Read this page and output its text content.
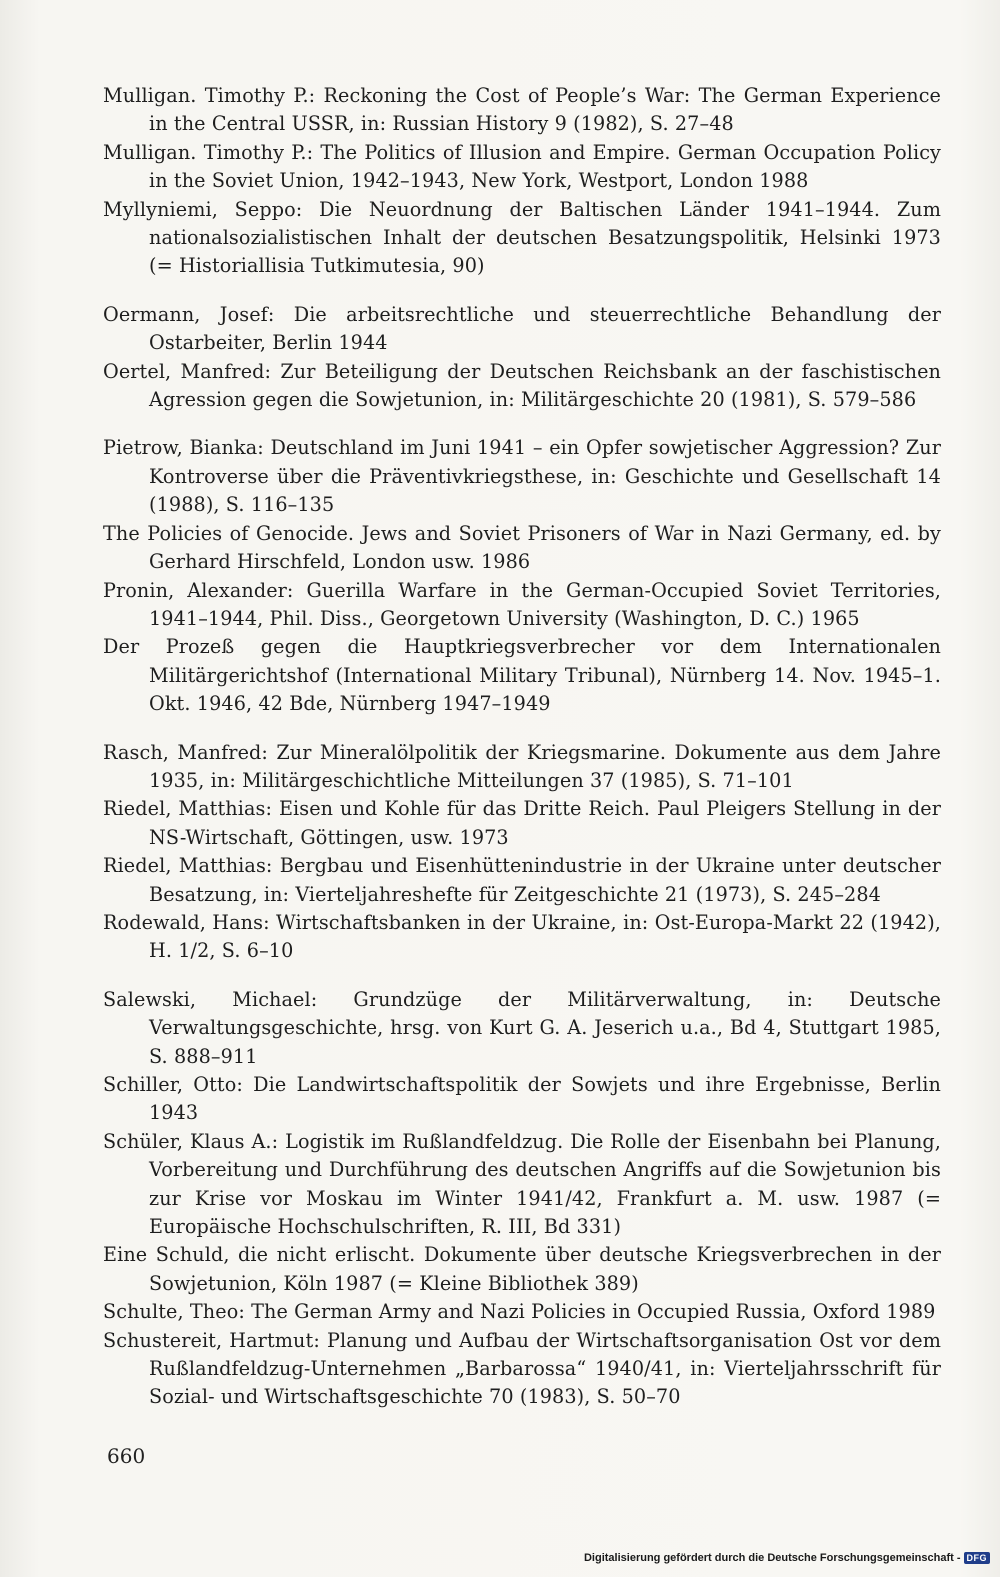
Mulligan. Timothy P.: Reckoning the Cost of People’s War: The German Experience in the Central USSR, in: Russian History 9 (1982), S. 27–48

Mulligan. Timothy P.: The Politics of Illusion and Empire. German Occupation Policy in the Soviet Union, 1942–1943, New York, Westport, London 1988

Myllyniemi, Seppo: Die Neuordnung der Baltischen Länder 1941–1944. Zum nationalsozialistischen Inhalt der deutschen Besatzungspolitik, Helsinki 1973 (= Historiallisia Tutkimutesia, 90)

Oermann, Josef: Die arbeitsrechtliche und steuerrechtliche Behandlung der Ostarbeiter, Berlin 1944

Oertel, Manfred: Zur Beteiligung der Deutschen Reichsbank an der faschistischen Agression gegen die Sowjetunion, in: Militärgeschichte 20 (1981), S. 579–586

Pietrow, Bianka: Deutschland im Juni 1941 – ein Opfer sowjetischer Aggression? Zur Kontroverse über die Präventivkriegsthese, in: Geschichte und Gesellschaft 14 (1988), S. 116–135

The Policies of Genocide. Jews and Soviet Prisoners of War in Nazi Germany, ed. by Gerhard Hirschfeld, London usw. 1986

Pronin, Alexander: Guerilla Warfare in the German-Occupied Soviet Territories, 1941–1944, Phil. Diss., Georgetown University (Washington, D. C.) 1965

Der Prozeß gegen die Hauptkriegsverbrecher vor dem Internationalen Militärgerichtshof (International Military Tribunal), Nürnberg 14. Nov. 1945–1. Okt. 1946, 42 Bde, Nürnberg 1947–1949

Rasch, Manfred: Zur Mineralölpolitik der Kriegsmarine. Dokumente aus dem Jahre 1935, in: Militärgeschichtliche Mitteilungen 37 (1985), S. 71–101

Riedel, Matthias: Eisen und Kohle für das Dritte Reich. Paul Pleigers Stellung in der NS-Wirtschaft, Göttingen, usw. 1973

Riedel, Matthias: Bergbau und Eisenhüttenindustrie in der Ukraine unter deutscher Besatzung, in: Vierteljahreshefte für Zeitgeschichte 21 (1973), S. 245–284

Rodewald, Hans: Wirtschaftsbanken in der Ukraine, in: Ost-Europa-Markt 22 (1942), H. 1/2, S. 6–10

Salewski, Michael: Grundzüge der Militärverwaltung, in: Deutsche Verwaltungsgeschichte, hrsg. von Kurt G. A. Jeserich u.a., Bd 4, Stuttgart 1985, S. 888–911

Schiller, Otto: Die Landwirtschaftspolitik der Sowjets und ihre Ergebnisse, Berlin 1943

Schüler, Klaus A.: Logistik im Rußlandfeldzug. Die Rolle der Eisenbahn bei Planung, Vorbereitung und Durchführung des deutschen Angriffs auf die Sowjetunion bis zur Krise vor Moskau im Winter 1941/42, Frankfurt a. M. usw. 1987 (= Europäische Hochschulschriften, R. III, Bd 331)

Eine Schuld, die nicht erlischt. Dokumente über deutsche Kriegsverbrechen in der Sowjetunion, Köln 1987 (= Kleine Bibliothek 389)

Schulte, Theo: The German Army and Nazi Policies in Occupied Russia, Oxford 1989

Schustereit, Hartmut: Planung und Aufbau der Wirtschaftsorganisation Ost vor dem Rußlandfeldzug-Unternehmen „Barbarossa“ 1940/41, in: Vierteljahrsschrift für Sozial- und Wirtschaftsgeschichte 70 (1983), S. 50–70

660
Digitalisierung gefördert durch die Deutsche Forschungsgemeinschaft - DFG
